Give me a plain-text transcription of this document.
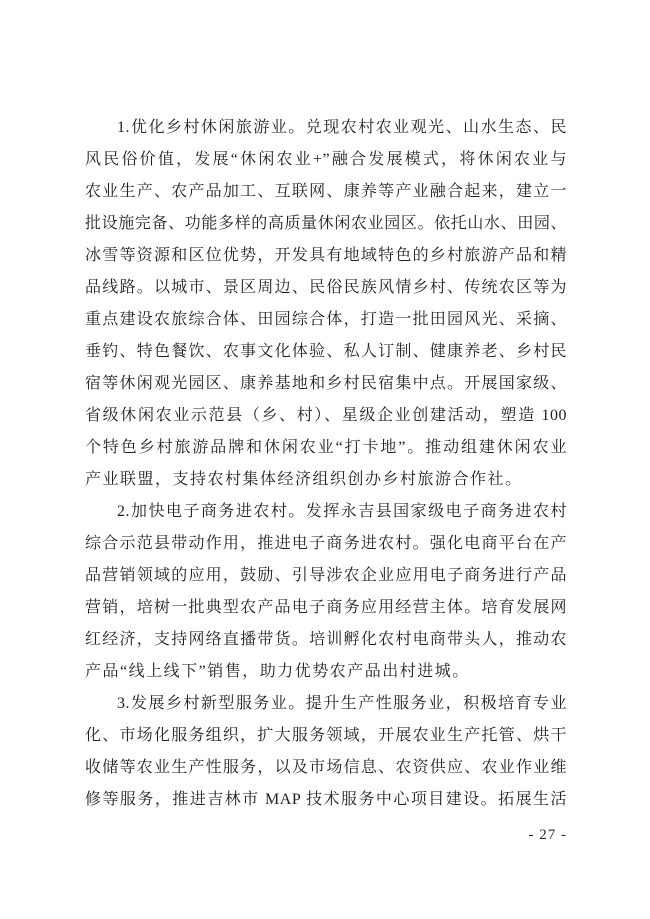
1.优化乡村休闲旅游业。兑现农村农业观光、山水生态、民
风民俗价值，发展“休闲农业+”融合发展模式，将休闲农业与
农业生产、农产品加工、互联网、康养等产业融合起来，建立一
批设施完备、功能多样的高质量休闲农业园区。依托山水、田园、
冰雪等资源和区位优势，开发具有地域特色的乡村旅游产品和精
品线路。以城市、景区周边、民俗民族风情乡村、传统农区等为
重点建设农旅综合体、田园综合体，打造一批田园风光、采摘、
垂钓、特色餐饮、农事文化体验、私人订制、健康养老、乡村民
宿等休闲观光园区、康养基地和乡村民宿集中点。开展国家级、
省级休闲农业示范县（乡、村）、星级企业创建活动，塑造 100
个特色乡村旅游品牌和休闲农业“打卡地”。推动组建休闲农业
产业联盟，支持农村集体经济组织创办乡村旅游合作社。
2.加快电子商务进农村。发挥永吉县国家级电子商务进农村
综合示范县带动作用，推进电子商务进农村。强化电商平台在产
品营销领域的应用，鼓励、引导涉农企业应用电子商务进行产品
营销，培树一批典型农产品电子商务应用经营主体。培育发展网
红经济，支持网络直播带货。培训孵化农村电商带头人，推动农
产品“线上线下”销售，助力优势农产品出村进城。
3.发展乡村新型服务业。提升生产性服务业，积极培育专业
化、市场化服务组织，扩大服务领域，开展农业生产托管、烘干
收储等农业生产性服务，以及市场信息、农资供应、农业作业维
修等服务，推进吉林市 MAP 技术服务中心项目建设。拓展生活
- 27 -
